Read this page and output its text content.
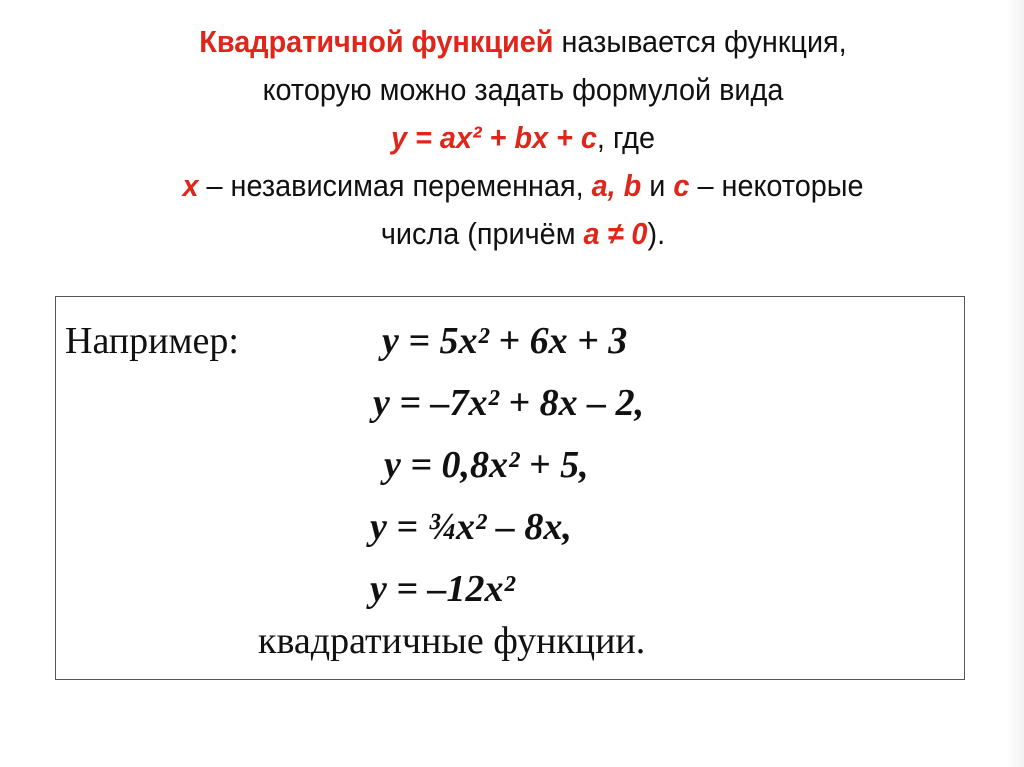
Квадратичной функцией называется функция,
которую можно задать формулой вида
y = ax² + bx + c, где
x – независимая переменная, a, b и c – некоторые
числа (причём a ≠ 0).
Например:	y = 5x² + 6x + 3
y = –7x² + 8x – 2,
y = 0,8x² + 5,
y = ¾x² – 8x,
y = –12x²
квадратичные функции.
